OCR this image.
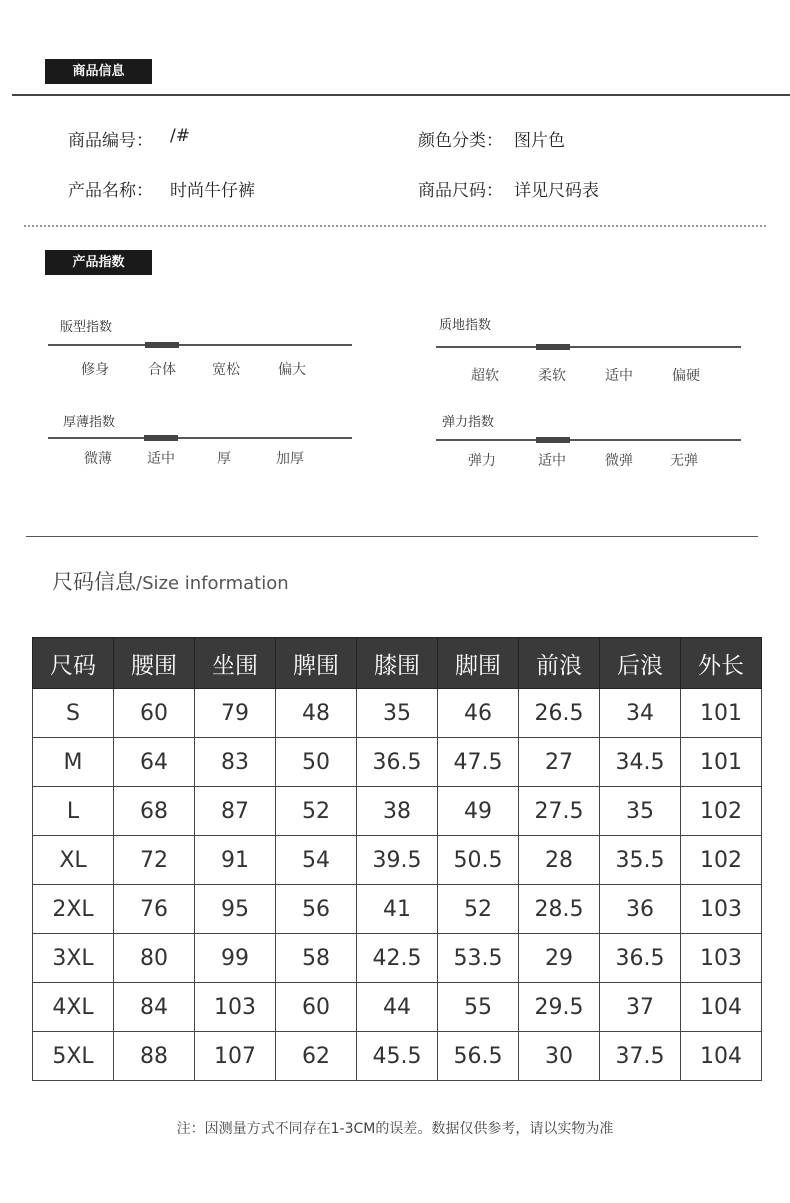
商品信息
商品编号： /#	颜色分类： 图片色
产品名称： 时尚牛仔裤	商品尺码： 详见尺码表
产品指数
版型指数
修身	合体	宽松	偏大
质地指数
超软	柔软	适中	偏硬
厚薄指数
微薄	适中	厚	加厚
弹力指数
弹力	适中	微弹	无弹
尺码信息/Size information
尺码	腰围	坐围	脾围	膝围	脚围	前浪	后浪	外长
S	60	79	48	35	46	26.5	34	101
M	64	83	50	36.5	47.5	27	34.5	101
L	68	87	52	38	49	27.5	35	102
XL	72	91	54	39.5	50.5	28	35.5	102
2XL	76	95	56	41	52	28.5	36	103
3XL	80	99	58	42.5	53.5	29	36.5	103
4XL	84	103	60	44	55	29.5	37	104
5XL	88	107	62	45.5	56.5	30	37.5	104
注：因测量方式不同存在1-3CM的误差。数据仅供参考，请以实物为准
